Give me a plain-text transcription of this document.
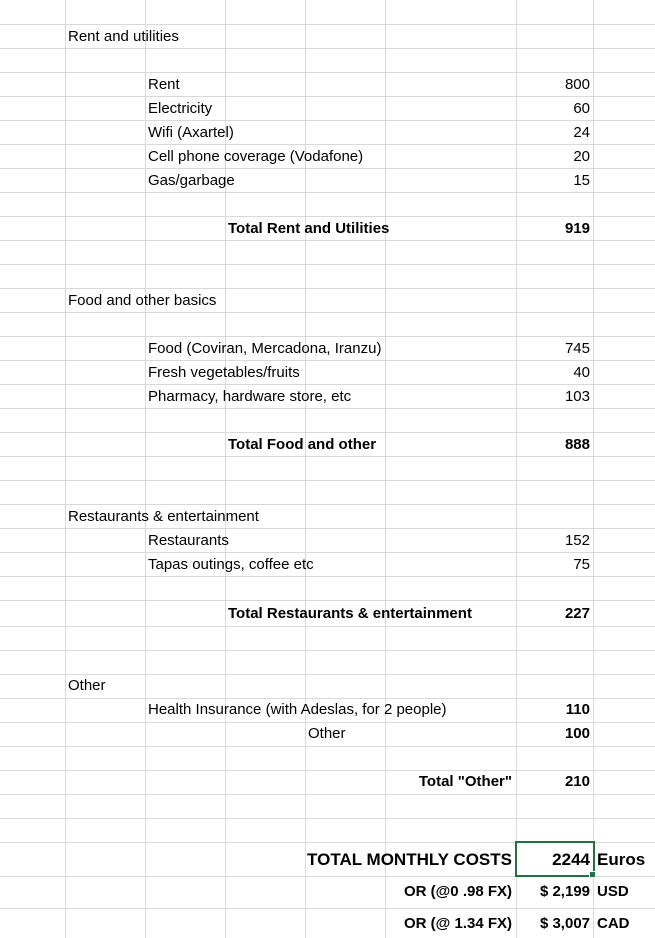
Rent and utilities
Rent	800
Electricity	60
Wifi (Axartel)	24
Cell phone coverage (Vodafone)	20
Gas/garbage	15
Total Rent and Utilities	919
Food and other basics
Food (Coviran, Mercadona, Iranzu)	745
Fresh vegetables/fruits	40
Pharmacy, hardware store, etc	103
Total Food and other	888
Restaurants & entertainment
Restaurants	152
Tapas outings, coffee etc	75
Total Restaurants & entertainment	227
Other
Health Insurance (with Adeslas, for 2 people)	110
Other	100
Total "Other"	210
TOTAL MONTHLY COSTS	2244 Euros
OR (@0 .98 FX)	$ 2,199 USD
OR (@ 1.34 FX)	$ 3,007 CAD
